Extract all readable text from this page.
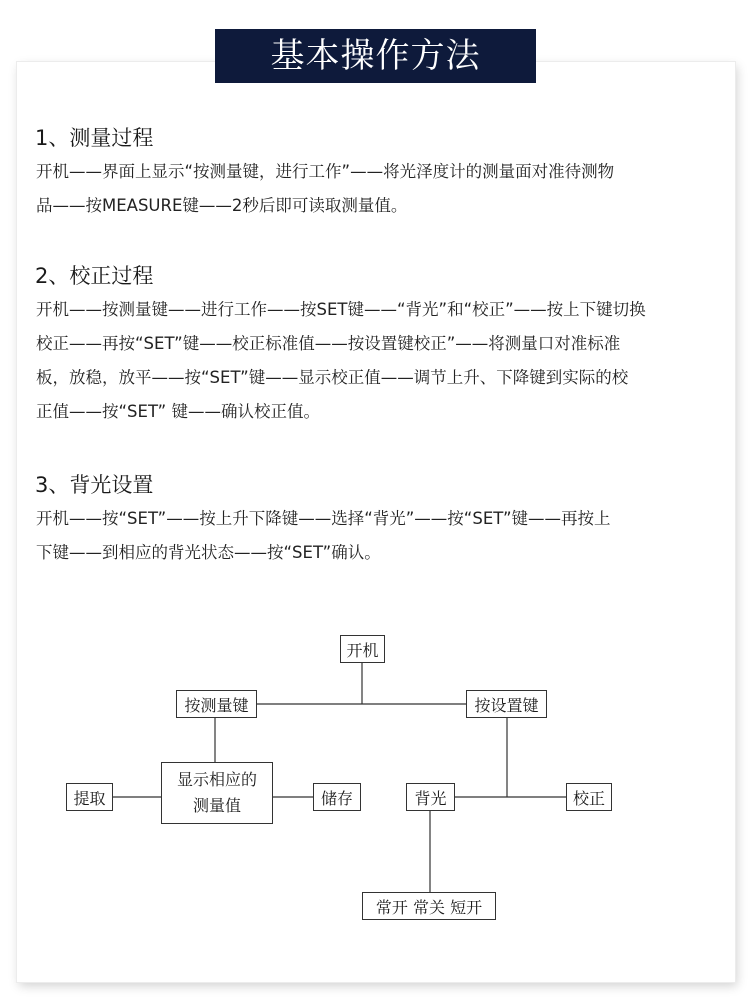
基本操作方法
1、测量过程
开机——界面上显示“按测量键，进行工作”——将光泽度计的测量面对准待测物
品——按MEASURE键——2秒后即可读取测量值。
2、校正过程
开机——按测量键——进行工作——按SET键——“背光”和“校正”——按上下键切换
校正——再按“SET”键——校正标准值——按设置键校正”——将测量口对准标准
板，放稳，放平——按“SET”键——显示校正值——调节上升、下降键到实际的校
正值——按“SET” 键——确认校正值。
3、背光设置
开机——按“SET”——按上升下降键——选择“背光”——按“SET”键——再按上
下键——到相应的背光状态——按“SET”确认。
开机
按测量键	按设置键
显示相应的
测量值
提取	储存	背光	校正
常开 常关 短开
